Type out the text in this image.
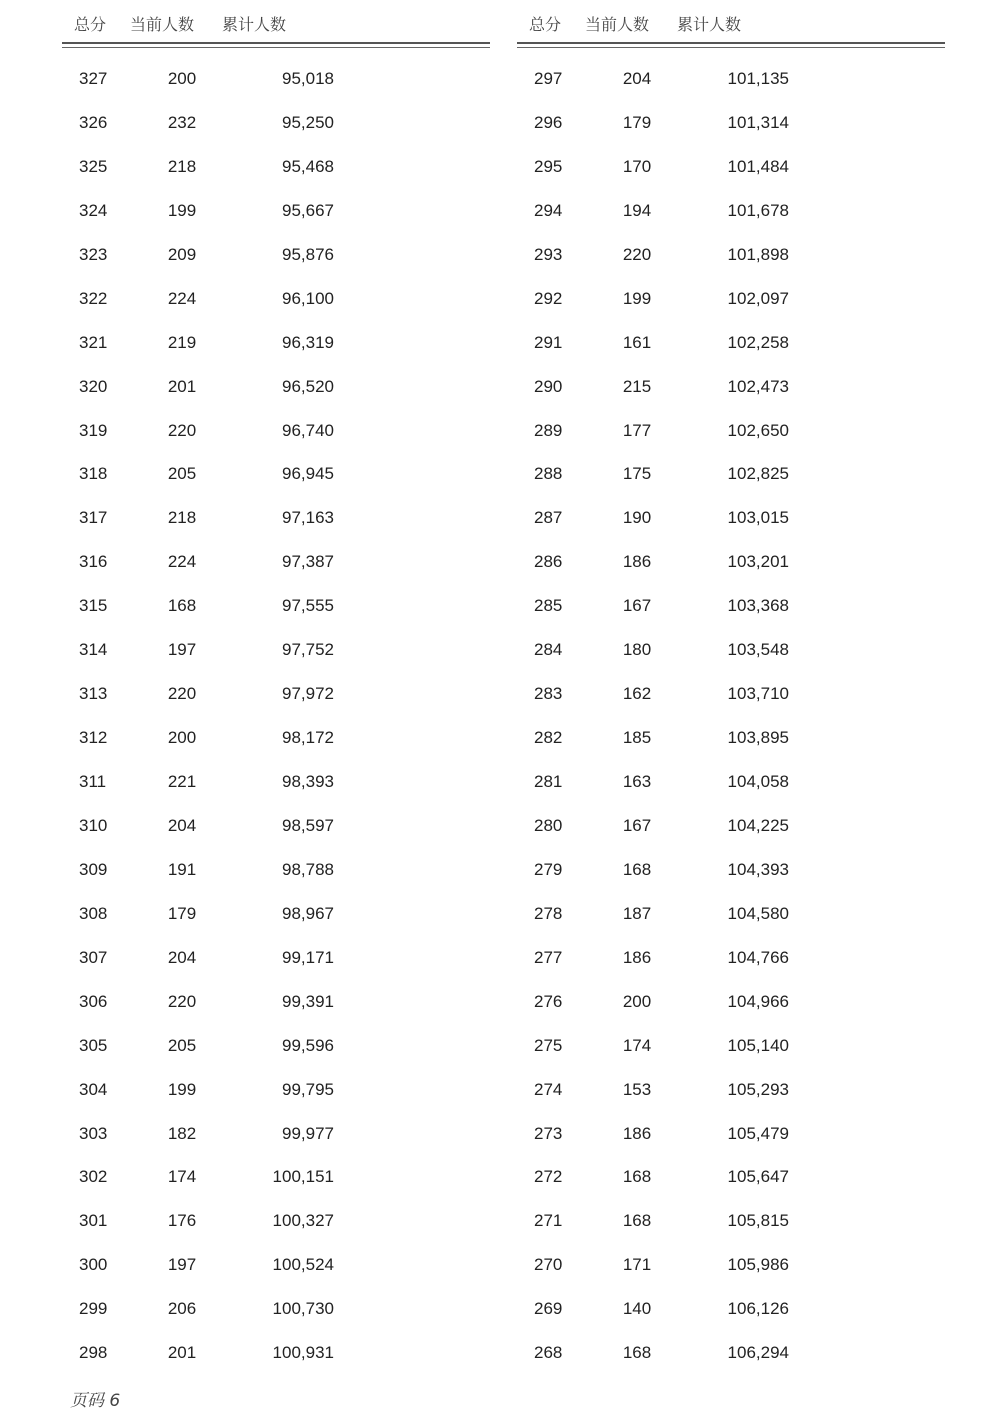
总分 当前人数 累计人数
327	200	95,018
326	232	95,250
325	218	95,468
324	199	95,667
323	209	95,876
322	224	96,100
321	219	96,319
320	201	96,520
319	220	96,740
318	205	96,945
317	218	97,163
316	224	97,387
315	168	97,555
314	197	97,752
313	220	97,972
312	200	98,172
311	221	98,393
310	204	98,597
309	191	98,788
308	179	98,967
307	204	99,171
306	220	99,391
305	205	99,596
304	199	99,795
303	182	99,977
302	174	100,151
301	176	100,327
300	197	100,524
299	206	100,730
298	201	100,931
总分 当前人数 累计人数
297	204	101,135
296	179	101,314
295	170	101,484
294	194	101,678
293	220	101,898
292	199	102,097
291	161	102,258
290	215	102,473
289	177	102,650
288	175	102,825
287	190	103,015
286	186	103,201
285	167	103,368
284	180	103,548
283	162	103,710
282	185	103,895
281	163	104,058
280	167	104,225
279	168	104,393
278	187	104,580
277	186	104,766
276	200	104,966
275	174	105,140
274	153	105,293
273	186	105,479
272	168	105,647
271	168	105,815
270	171	105,986
269	140	106,126
268	168	106,294
页码 6
